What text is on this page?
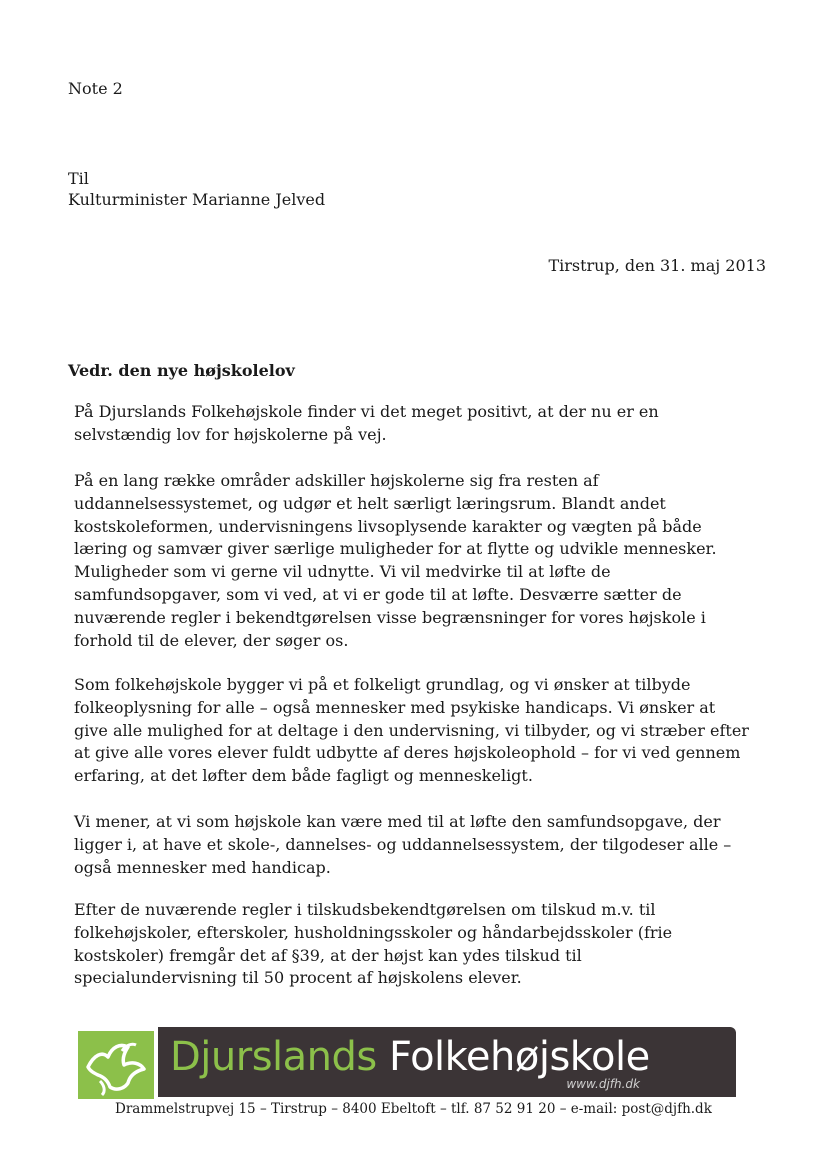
Note 2
Til
Kulturminister Marianne Jelved
Tirstrup, den 31. maj 2013
Vedr. den nye højskolelov
På Djurslands Folkehøjskole finder vi det meget positivt, at der nu er en
selvstændig lov for højskolerne på vej.
På en lang række områder adskiller højskolerne sig fra resten af
uddannelsessystemet, og udgør et helt særligt læringsrum. Blandt andet
kostskoleformen, undervisningens livsoplysende karakter og vægten på både
læring og samvær giver særlige muligheder for at flytte og udvikle mennesker.
Muligheder som vi gerne vil udnytte. Vi vil medvirke til at løfte de
samfundsopgaver, som vi ved, at vi er gode til at løfte. Desværre sætter de
nuværende regler i bekendtgørelsen visse begrænsninger for vores højskole i
forhold til de elever, der søger os.
Som folkehøjskole bygger vi på et folkeligt grundlag, og vi ønsker at tilbyde
folkeoplysning for alle – også mennesker med psykiske handicaps. Vi ønsker at
give alle mulighed for at deltage i den undervisning, vi tilbyder, og vi stræber efter
at give alle vores elever fuldt udbytte af deres højskoleophold – for vi ved gennem
erfaring, at det løfter dem både fagligt og menneskeligt.
Vi mener, at vi som højskole kan være med til at løfte den samfundsopgave, der
ligger i, at have et skole-, dannelses- og uddannelsessystem, der tilgodeser alle –
også mennesker med handicap.
Efter de nuværende regler i tilskudsbekendtgørelsen om tilskud m.v. til
folkehøjskoler, efterskoler, husholdningsskoler og håndarbejdsskoler (frie
kostskoler) fremgår det af §39, at der højst kan ydes tilskud til
specialundervisning til 50 procent af højskolens elever.
Djurslands Folkehøjskole
www.djfh.dk
Drammelstrupvej 15 – Tirstrup – 8400 Ebeltoft – tlf. 87 52 91 20 – e-mail: post@djfh.dk
